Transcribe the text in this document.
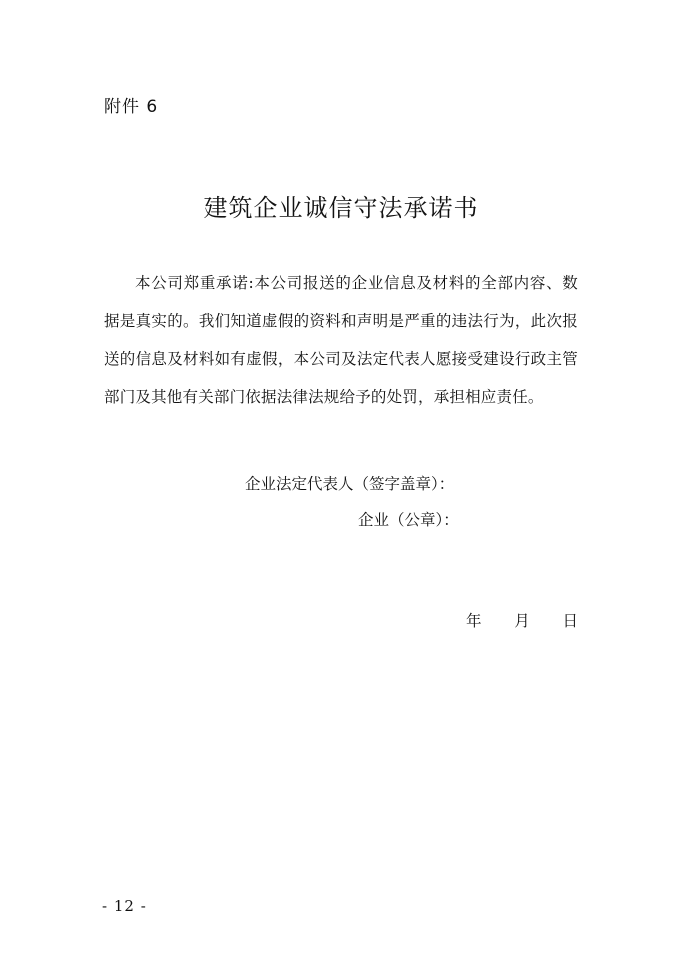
附件 6
建筑企业诚信守法承诺书

本公司郑重承诺:本公司报送的企业信息及材料的全部内容、数据是真实的。我们知道虚假的资料和声明是严重的违法行为，此次报送的信息及材料如有虚假，本公司及法定代表人愿接受建设行政主管部门及其他有关部门依据法律法规给予的处罚，承担相应责任。

企业法定代表人（签字盖章）：
企业（公章）：
年 月 日
- 12 -
